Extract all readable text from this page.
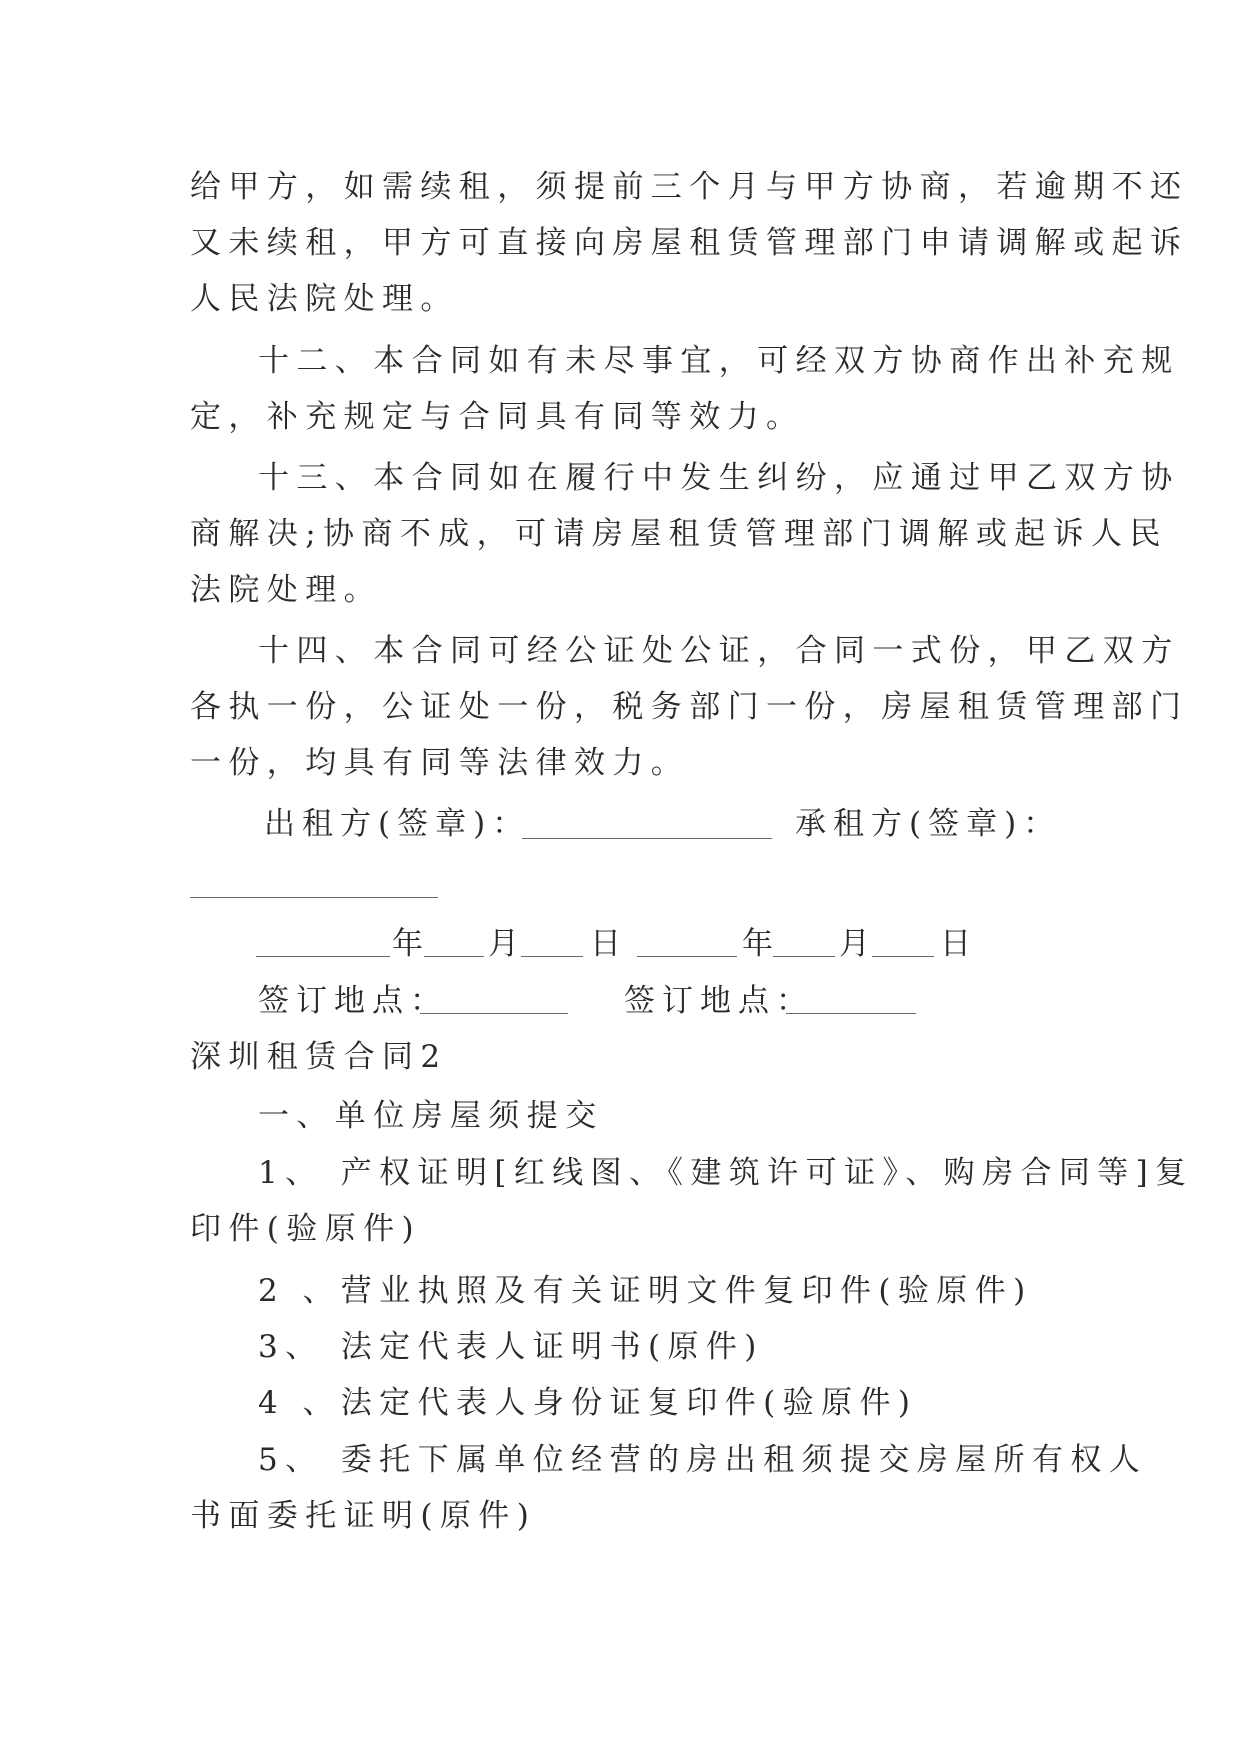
给甲方，如需续租，须提前三个月与甲方协商，若逾期不还
又未续租，甲方可直接向房屋租赁管理部门申请调解或起诉
人民法院处理。
十二、本合同如有未尽事宜，可经双方协商作出补充规
定，补充规定与合同具有同等效力。
十三、本合同如在履行中发生纠纷，应通过甲乙双方协
商解决;协商不成，可请房屋租赁管理部门调解或起诉人民
法院处理。
十四、本合同可经公证处公证，合同一式份，甲乙双方
各执一份，公证处一份，税务部门一份，房屋租赁管理部门
一份，均具有同等法律效力。
出租方(签章)：	承租方(签章)：
年 月 日	年 月 日
签订地点：	签订地点：
深圳租赁合同2
一、单位房屋须提交
1、 产权证明[红线图、《建筑许可证》、购房合同等]复
印件(验原件)
2 、营业执照及有关证明文件复印件(验原件)
3、 法定代表人证明书(原件)
4 、法定代表人身份证复印件(验原件)
5、 委托下属单位经营的房出租须提交房屋所有权人
书面委托证明(原件)
